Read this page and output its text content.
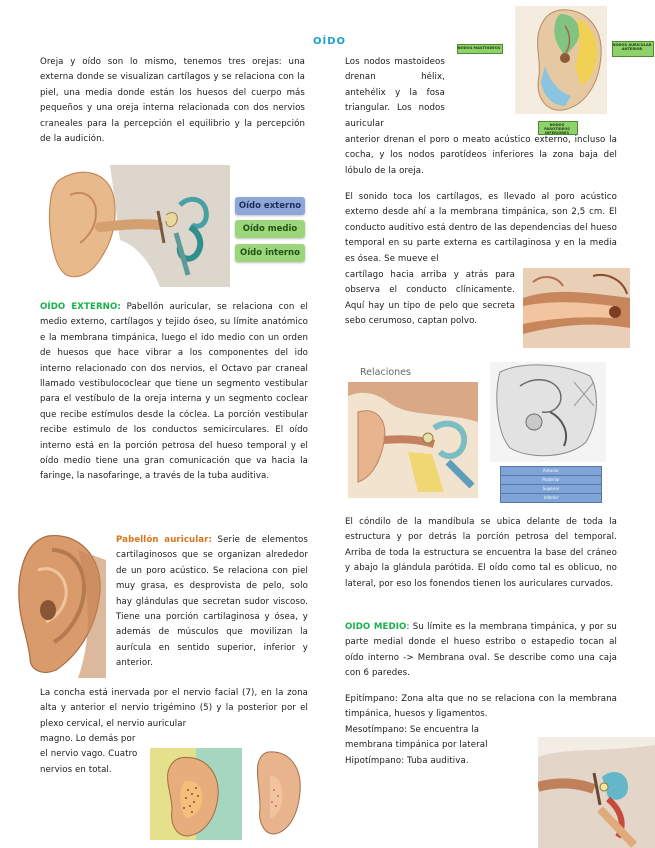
OÍDO
Oreja y oído son lo mismo, tenemos tres orejas: una externa donde se visualizan cartílagos y se relaciona con la piel, una media donde están los huesos del cuerpo más pequeños y una oreja interna relacionada con dos nervios craneales para la percepción el equilibrio y la percepción de la audición.
NODOS MASTOIDEOS
NODOS AURICULAR ANTERIOR
NODOS PAROTÍDEOS INFERIORES
Los nodos mastoideos drenan hélix, antehélix y la fosa triangular. Los nodos auricular
anterior drenan el poro o meato acústico externo, incluso la cocha, y los nodos parotídeos inferiores la zona baja del lóbulo de la oreja.
Oído externo
Oído medio
Oído interno
El sonido toca los cartílagos, es llevado al poro acústico externo desde ahí a la membrana timpánica, son 2,5 cm. El conducto auditivo está dentro de las dependencias del hueso temporal en su parte externa es cartilaginosa y en la media es ósea. Se mueve el
cartílago hacia arriba y atrás para observa el conducto clínicamente. Aquí hay un tipo de pelo que secreta sebo cerumoso, captan polvo.
Relaciones
Anterior
Posterior
Superior
Inferior
OÍDO EXTERNO: Pabellón auricular, se relaciona con el medio externo, cartílagos y tejido óseo, su límite anatómico e la membrana timpánica, luego el ido medio con un orden de huesos que hace vibrar a los componentes del ido interno relacionado con dos nervios, el Octavo par craneal llamado vestibulococlear que tiene un segmento vestibular para el vestíbulo de la oreja interna y un segmento coclear que recibe estímulos desde la cóclea. La porción vestibular recibe estimulo de los conductos semicirculares. El oído interno está en la porción petrosa del hueso temporal y el oído medio tiene una gran comunicación que va hacia la faringe, la nasofaringe, a través de la tuba auditiva.
El cóndilo de la mandíbula se ubica delante de toda la estructura y por detrás la porción petrosa del temporal. Arriba de toda la estructura se encuentra la base del cráneo y abajo la glándula parótida. El oído como tal es oblicuo, no lateral, por eso los fonendos tienen los auriculares curvados.
Pabellón auricular: Serie de elementos cartilaginosos que se organizan alrededor de un poro acústico. Se relaciona con piel muy grasa, es desprovista de pelo, solo hay glándulas que secretan sudor viscoso. Tiene una porción cartilaginosa y ósea, y además de músculos que movilizan la aurícula en sentido superior, inferior y anterior.
OIDO MEDIO: Su límite es la membrana timpánica, y por su parte medial donde el hueso estribo o estapedio tocan al oído interno -> Membrana oval. Se describe como una caja con 6 paredes.
La concha está inervada por el nervio facial (7), en la zona alta y anterior el nervio trigémino (5) y la posterior por el plexo cervical, el nervio auricular
magno. Lo demás por el nervio vago. Cuatro nervios en total.
Epitímpano: Zona alta que no se relaciona con la membrana timpánica, huesos y ligamentos.
Mesotímpano: Se encuentra la membrana timpánica por lateral
Hipotímpano: Tuba auditiva.
